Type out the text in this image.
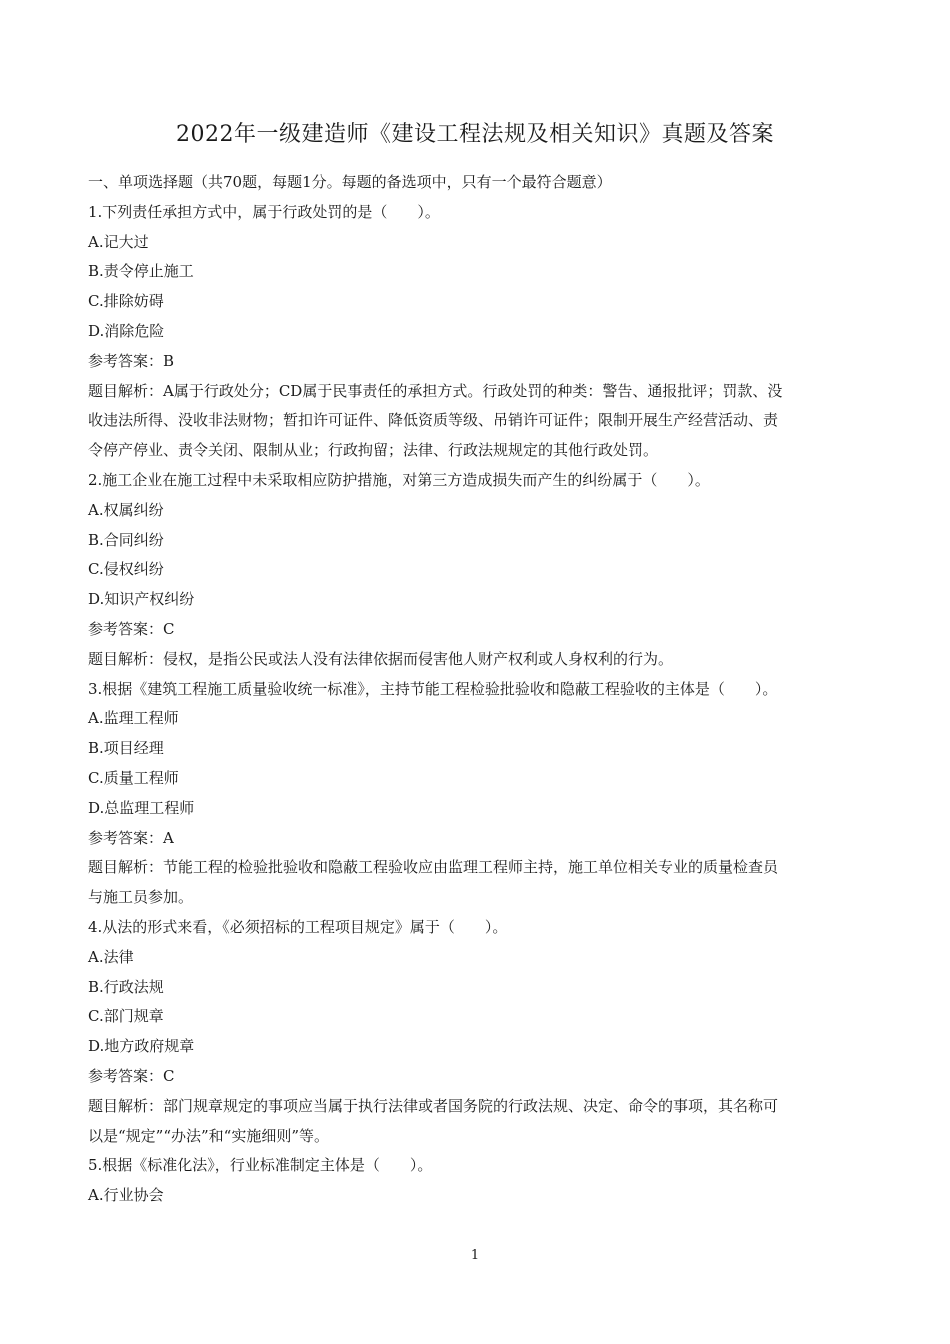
2022年一级建造师《建设工程法规及相关知识》真题及答案
一、单项选择题（共70题，每题1分。每题的备选项中，只有一个最符合题意）
1.下列责任承担方式中，属于行政处罚的是（　　）。
A.记大过
B.责令停止施工
C.排除妨碍
D.消除危险
参考答案：B
题目解析：A属于行政处分；CD属于民事责任的承担方式。行政处罚的种类：警告、通报批评；罚款、没
收违法所得、没收非法财物；暂扣许可证件、降低资质等级、吊销许可证件；限制开展生产经营活动、责
令停产停业、责令关闭、限制从业；行政拘留；法律、行政法规规定的其他行政处罚。
2.施工企业在施工过程中未采取相应防护措施，对第三方造成损失而产生的纠纷属于（　　）。
A.权属纠纷
B.合同纠纷
C.侵权纠纷
D.知识产权纠纷
参考答案：C
题目解析：侵权，是指公民或法人没有法律依据而侵害他人财产权利或人身权利的行为。
3.根据《建筑工程施工质量验收统一标准》，主持节能工程检验批验收和隐蔽工程验收的主体是（　　）。
A.监理工程师
B.项目经理
C.质量工程师
D.总监理工程师
参考答案：A
题目解析：节能工程的检验批验收和隐蔽工程验收应由监理工程师主持，施工单位相关专业的质量检查员
与施工员参加。
4.从法的形式来看，《必须招标的工程项目规定》属于（　　）。
A.法律
B.行政法规
C.部门规章
D.地方政府规章
参考答案：C
题目解析：部门规章规定的事项应当属于执行法律或者国务院的行政法规、决定、命令的事项，其名称可
以是“规定”“办法”和“实施细则”等。
5.根据《标准化法》，行业标准制定主体是（　　）。
A.行业协会
1
